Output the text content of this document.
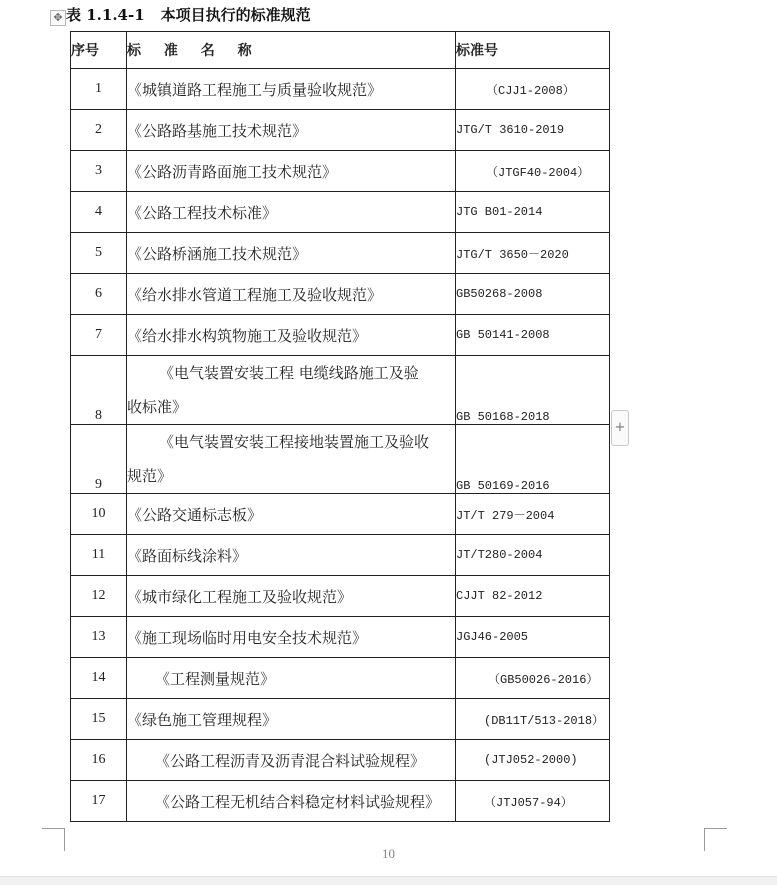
✥ 表 1.1.4-1 本项目执行的标准规范
序号	标 准 名 称	标准号
1	《城镇道路工程施工与质量验收规范》	（CJJ1-2008）
2	《公路路基施工技术规范》	JTG/T 3610-2019
3	《公路沥青路面施工技术规范》	（JTGF40-2004）
4	《公路工程技术标准》	JTG B01-2014
5	《公路桥涵施工技术规范》	JTG/T 3650－2020
6	《给水排水管道工程施工及验收规范》	GB50268-2008
7	《给水排水构筑物施工及验收规范》	GB 50141-2008
8	《电气装置安装工程 电缆线路施工及验
收标准》	GB 50168-2018
9	《电气装置安装工程接地装置施工及验收
规范》	GB 50169-2016
10	《公路交通标志板》	JT/T 279－2004
11	《路面标线涂料》	JT/T280-2004
12	《城市绿化工程施工及验收规范》	CJJT 82-2012
13	《施工现场临时用电安全技术规范》	JGJ46-2005
14	《工程测量规范》	（GB50026-2016）
15	《绿色施工管理规程》	(DB11T/513-2018）
16	《公路工程沥青及沥青混合料试验规程》	(JTJ052-2000)
17	《公路工程无机结合料稳定材料试验规程》	（JTJ057-94）
+
10
